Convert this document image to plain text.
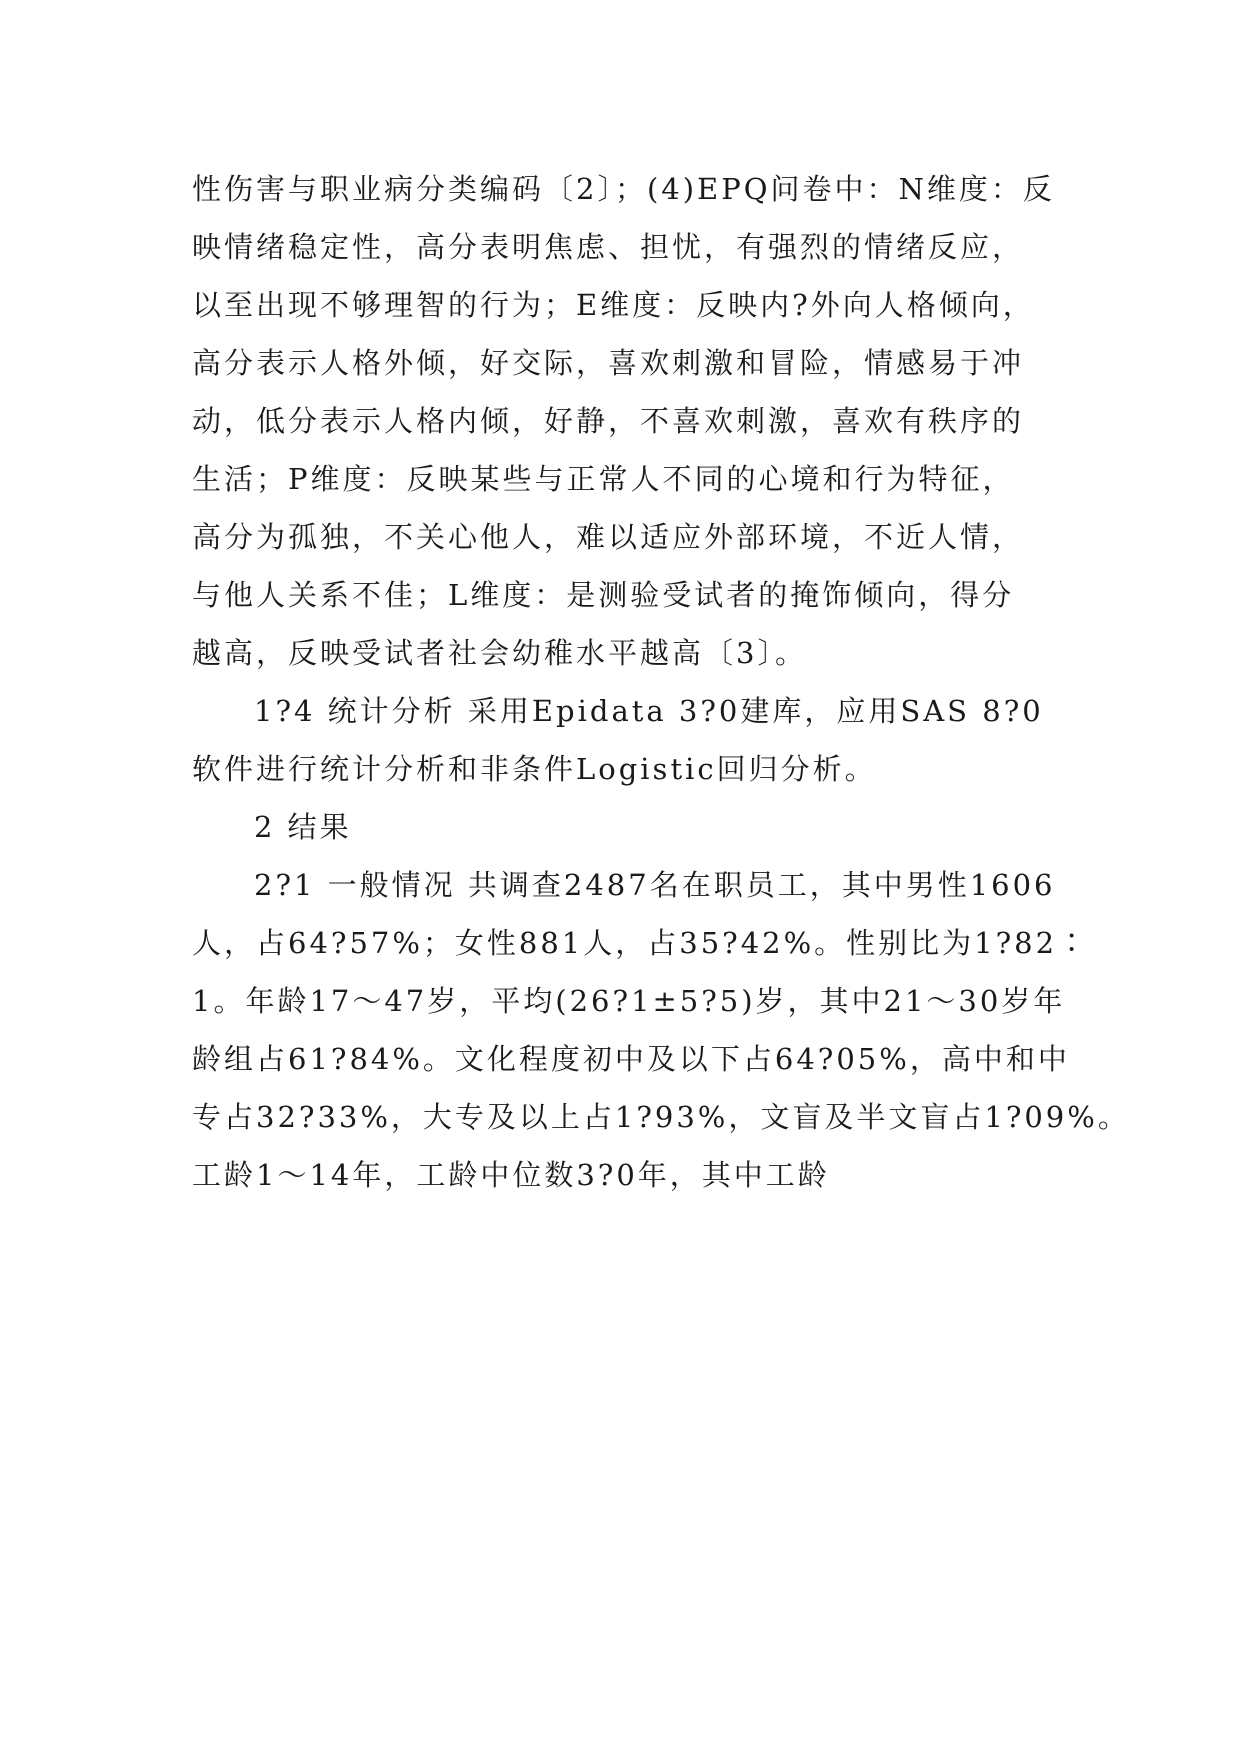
性伤害与职业病分类编码〔2〕；(4)EPQ问卷中：N维度：反
映情绪稳定性，高分表明焦虑、担忧，有强烈的情绪反应，
以至出现不够理智的行为；E维度：反映内?外向人格倾向，
高分表示人格外倾，好交际，喜欢刺激和冒险，情感易于冲
动，低分表示人格内倾，好静，不喜欢刺激，喜欢有秩序的
生活；P维度：反映某些与正常人不同的心境和行为特征，
高分为孤独，不关心他人，难以适应外部环境，不近人情，
与他人关系不佳；L维度：是测验受试者的掩饰倾向，得分
越高，反映受试者社会幼稚水平越高〔3〕。
1?4 统计分析 采用Epidata 3?0建库，应用SAS 8?0
软件进行统计分析和非条件Logistic回归分析。
2 结果
2?1 一般情况 共调查2487名在职员工，其中男性1606
人，占64?57%；女性881人，占35?42%。性别比为1?82∶
1。年龄17～47岁，平均(26?1±5?5)岁，其中21～30岁年
龄组占61?84%。文化程度初中及以下占64?05%，高中和中
专占32?33%，大专及以上占1?93%，文盲及半文盲占1?09%。
工龄1～14年，工龄中位数3?0年，其中工龄
